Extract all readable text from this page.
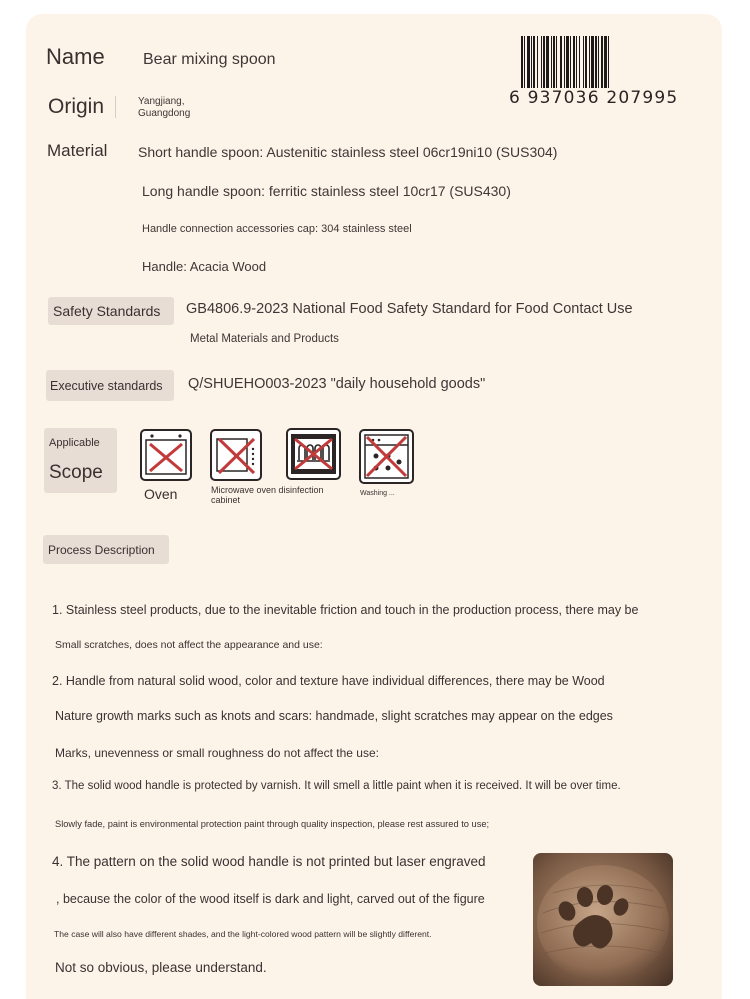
Name Bear mixing spoon
Origin	Yangjiang,
Guangdong
6 937036 207995
Material Short handle spoon: Austenitic stainless steel 06cr19ni10 (SUS304)
Long handle spoon: ferritic stainless steel 10cr17 (SUS430)
Handle connection accessories cap: 304 stainless steel
Handle: Acacia Wood
Safety Standards GB4806.9-2023 National Food Safety Standard for Food Contact Use
Metal Materials and Products
Executive standards Q/SHUEHO003-2023 "daily household goods"
Applicable
Scope
Oven	Microwave oven disinfection cabinet
Washing ...
Process Description
1. Stainless steel products, due to the inevitable friction and touch in the production process, there may be
Small scratches, does not affect the appearance and use:
2. Handle from natural solid wood, color and texture have individual differences, there may be Wood
Nature growth marks such as knots and scars: handmade, slight scratches may appear on the edges
Marks, unevenness or small roughness do not affect the use:
3. The solid wood handle is protected by varnish. It will smell a little paint when it is received. It will be over time.
Slowly fade, paint is environmental protection paint through quality inspection, please rest assured to use;
4. The pattern on the solid wood handle is not printed but laser engraved
, because the color of the wood itself is dark and light, carved out of the figure
The case will also have different shades, and the light-colored wood pattern will be slightly different.
Not so obvious, please understand.
